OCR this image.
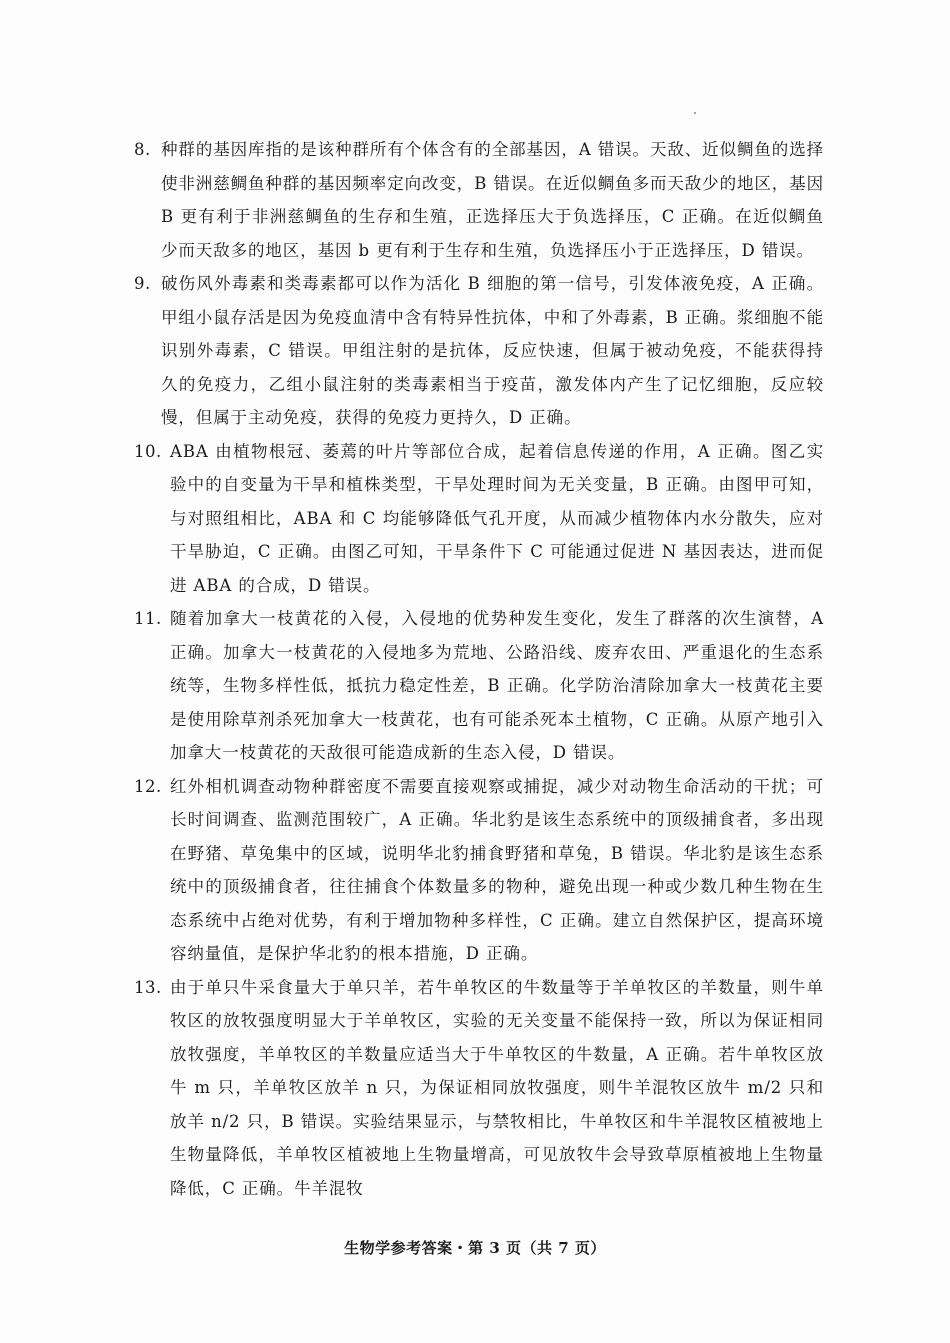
8. 种群的基因库指的是该种群所有个体含有的全部基因，A 错误。天敌、近似鲷鱼的选择使非洲慈鲷鱼种群的基因频率定向改变，B 错误。在近似鲷鱼多而天敌少的地区，基因 B 更有利于非洲慈鲷鱼的生存和生殖，正选择压大于负选择压，C 正确。在近似鲷鱼少而天敌多的地区，基因 b 更有利于生存和生殖，负选择压小于正选择压，D 错误。
9. 破伤风外毒素和类毒素都可以作为活化 B 细胞的第一信号，引发体液免疫，A 正确。甲组小鼠存活是因为免疫血清中含有特异性抗体，中和了外毒素，B 正确。浆细胞不能识别外毒素，C 错误。甲组注射的是抗体，反应快速，但属于被动免疫，不能获得持久的免疫力，乙组小鼠注射的类毒素相当于疫苗，激发体内产生了记忆细胞，反应较慢，但属于主动免疫，获得的免疫力更持久，D 正确。
10. ABA 由植物根冠、萎蔫的叶片等部位合成，起着信息传递的作用，A 正确。图乙实验中的自变量为干旱和植株类型，干旱处理时间为无关变量，B 正确。由图甲可知，与对照组相比，ABA 和 C 均能够降低气孔开度，从而减少植物体内水分散失，应对干旱胁迫，C 正确。由图乙可知，干旱条件下 C 可能通过促进 N 基因表达，进而促进 ABA 的合成，D 错误。
11. 随着加拿大一枝黄花的入侵，入侵地的优势种发生变化，发生了群落的次生演替，A 正确。加拿大一枝黄花的入侵地多为荒地、公路沿线、废弃农田、严重退化的生态系统等，生物多样性低，抵抗力稳定性差，B 正确。化学防治清除加拿大一枝黄花主要是使用除草剂杀死加拿大一枝黄花，也有可能杀死本土植物，C 正确。从原产地引入加拿大一枝黄花的天敌很可能造成新的生态入侵，D 错误。
12. 红外相机调查动物种群密度不需要直接观察或捕捉，减少对动物生命活动的干扰；可长时间调查、监测范围较广，A 正确。华北豹是该生态系统中的顶级捕食者，多出现在野猪、草兔集中的区域，说明华北豹捕食野猪和草兔，B 错误。华北豹是该生态系统中的顶级捕食者，往往捕食个体数量多的物种，避免出现一种或少数几种生物在生态系统中占绝对优势，有利于增加物种多样性，C 正确。建立自然保护区，提高环境容纳量值，是保护华北豹的根本措施，D 正确。
13. 由于单只牛采食量大于单只羊，若牛单牧区的牛数量等于羊单牧区的羊数量，则牛单牧区的放牧强度明显大于羊单牧区，实验的无关变量不能保持一致，所以为保证相同放牧强度，羊单牧区的羊数量应适当大于牛单牧区的牛数量，A 正确。若牛单牧区放牛 m 只，羊单牧区放羊 n 只，为保证相同放牧强度，则牛羊混牧区放牛 m/2 只和放羊 n/2 只，B 错误。实验结果显示，与禁牧相比，牛单牧区和牛羊混牧区植被地上生物量降低，羊单牧区植被地上生物量增高，可见放牧牛会导致草原植被地上生物量降低，C 正确。牛羊混牧
生物学参考答案・第 3 页（共 7 页）
